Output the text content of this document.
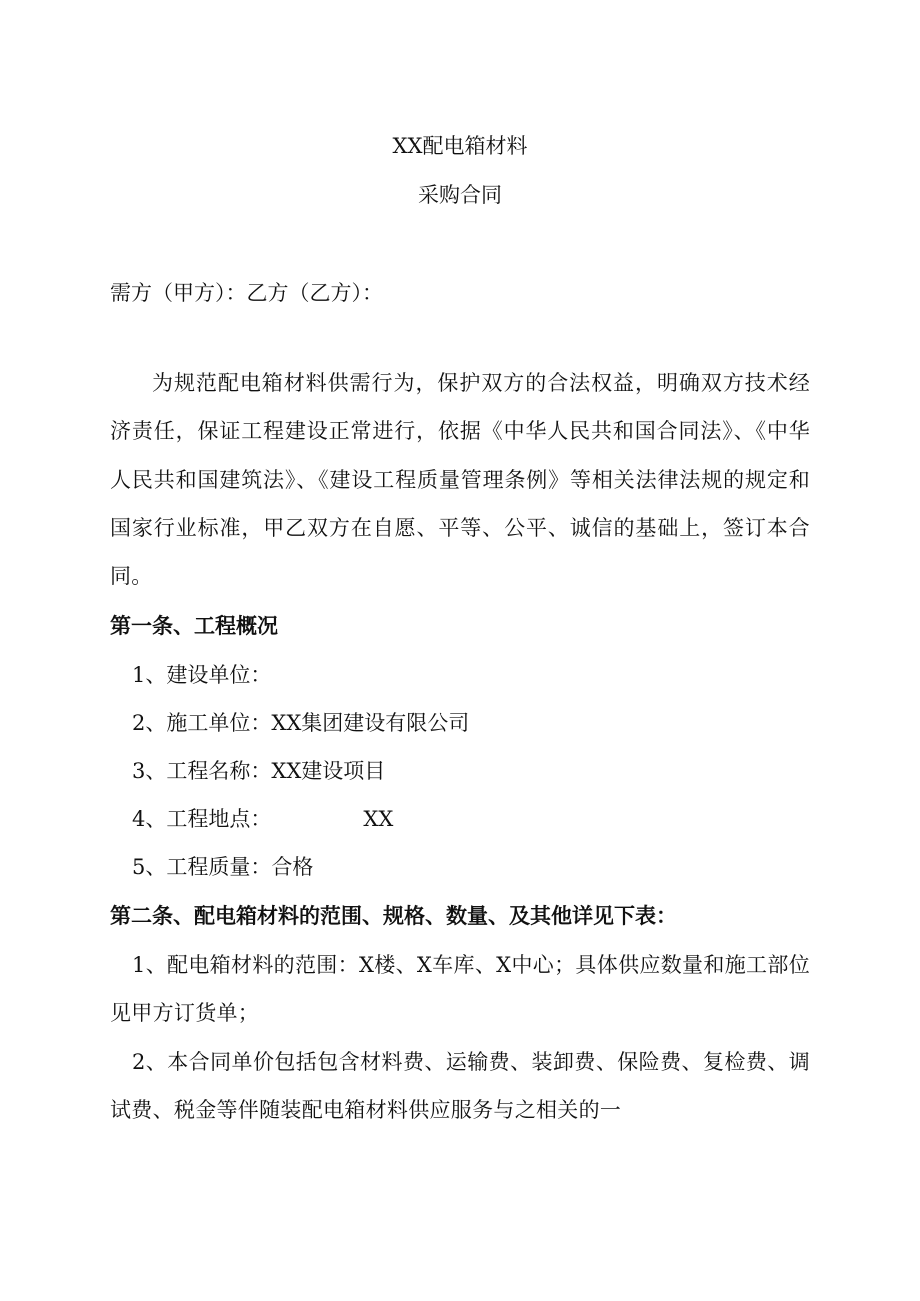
XX配电箱材料
采购合同
需方（甲方）：乙方（乙方）：
为规范配电箱材料供需行为，保护双方的合法权益，明确双方技术经济责任，保证工程建设正常进行，依据《中华人民共和国合同法》、《中华人民共和国建筑法》、《建设工程质量管理条例》等相关法律法规的规定和国家行业标准，甲乙双方在自愿、平等、公平、诚信的基础上，签订本合同。
第一条、工程概况
1、建设单位：
2、施工单位：XX集团建设有限公司
3、工程名称：XX建设项目
4、工程地点：	XX
5、工程质量：合格
第二条、配电箱材料的范围、规格、数量、及其他详见下表：
1、配电箱材料的范围：X楼、X车库、X中心；具体供应数量和施工部位见甲方订货单；
2、本合同单价包括包含材料费、运输费、装卸费、保险费、复检费、调试费、税金等伴随装配电箱材料供应服务与之相关的一
